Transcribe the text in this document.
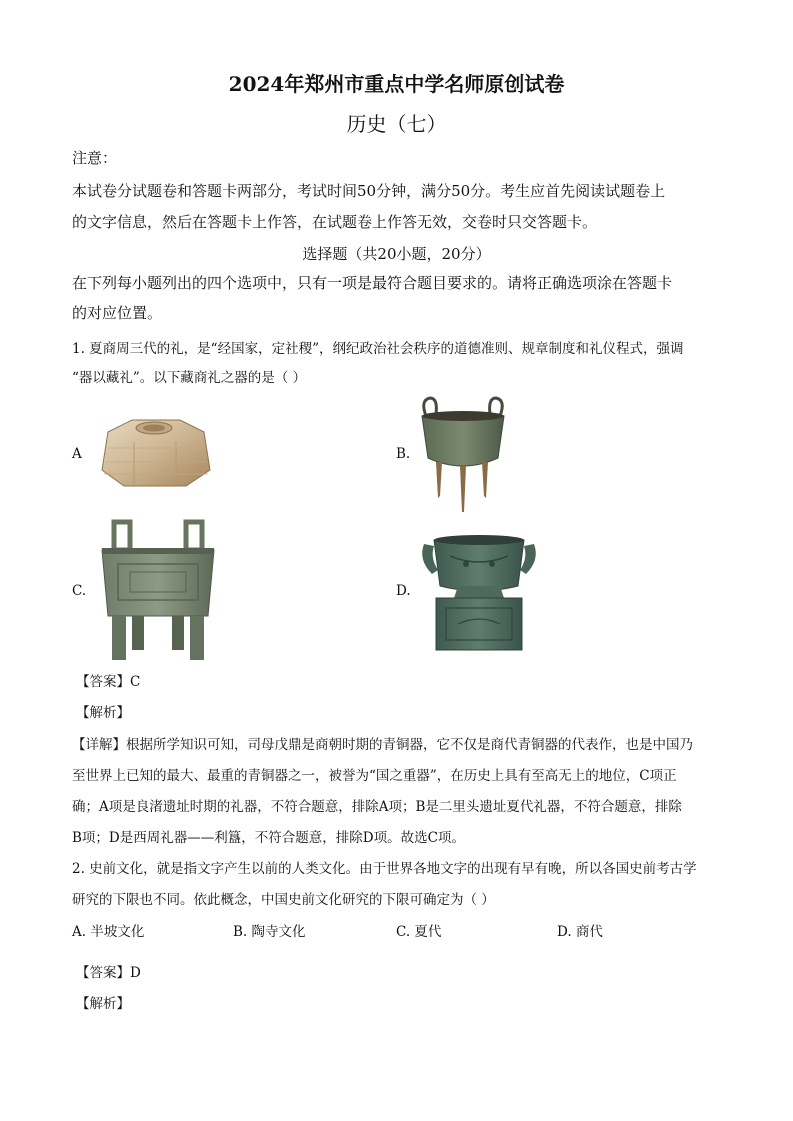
2024年郑州市重点中学名师原创试卷
历史（七）
注意：
本试卷分试题卷和答题卡两部分，考试时间50分钟，满分50分。考生应首先阅读试题卷上
的文字信息，然后在答题卡上作答，在试题卷上作答无效，交卷时只交答题卡。
选择题（共20小题，20分）
在下列每小题列出的四个选项中，只有一项是最符合题目要求的。请将正确选项涂在答题卡
的对应位置。
1. 夏商周三代的礼，是“经国家，定社稷”，纲纪政治社会秩序的道德准则、规章制度和礼仪程式，强调
“器以藏礼”。以下藏商礼之器的是（ ）
A	B.
C.	D.
【答案】C
【解析】
【详解】根据所学知识可知，司母戊鼎是商朝时期的青铜器，它不仅是商代青铜器的代表作，也是中国乃
至世界上已知的最大、最重的青铜器之一，被誉为“国之重器”，在历史上具有至高无上的地位，C项正
确；A项是良渚遗址时期的礼器，不符合题意，排除A项；B是二里头遗址夏代礼器，不符合题意，排除
B项；D是西周礼器——利簋，不符合题意，排除D项。故选C项。
2. 史前文化，就是指文字产生以前的人类文化。由于世界各地文字的出现有早有晚，所以各国史前考古学
研究的下限也不同。依此概念，中国史前文化研究的下限可确定为（ ）
A. 半坡文化	B. 陶寺文化	C. 夏代	D. 商代
【答案】D
【解析】
